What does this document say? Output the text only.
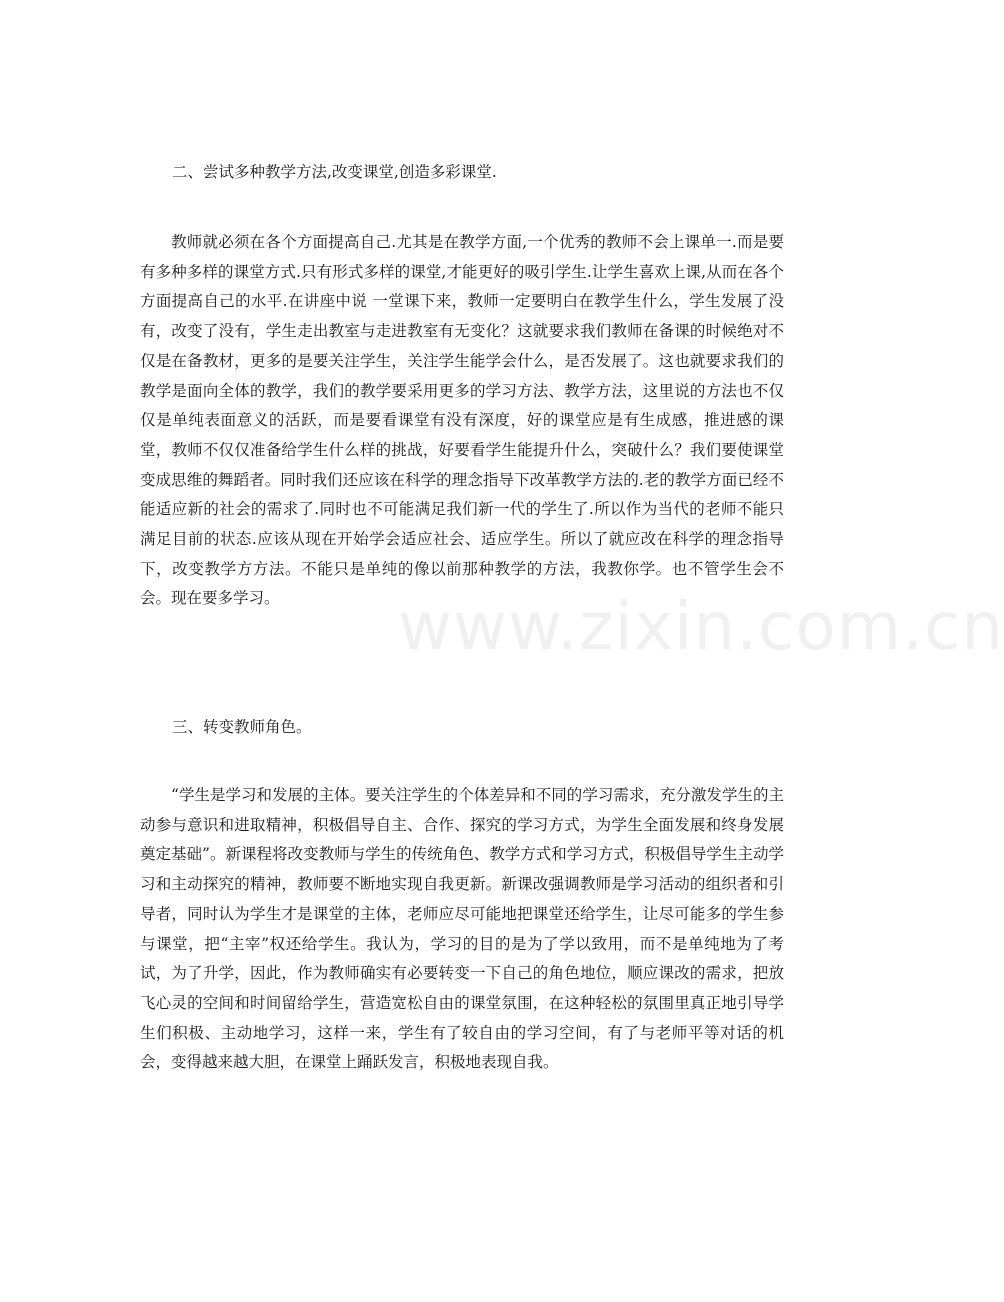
二、尝试多种教学方法,改变课堂,创造多彩课堂.
教师就必须在各个方面提高自己.尤其是在教学方面,一个优秀的教师不会上课单一.而是要有多种多样的课堂方式.只有形式多样的课堂,才能更好的吸引学生.让学生喜欢上课,从而在各个方面提高自己的水平.在讲座中说 一堂课下来，教师一定要明白在教学生什么，学生发展了没有，改变了没有，学生走出教室与走进教室有无变化？这就要求我们教师在备课的时候绝对不仅是在备教材，更多的是要关注学生，关注学生能学会什么，是否发展了。这也就要求我们的教学是面向全体的教学，我们的教学要采用更多的学习方法、教学方法，这里说的方法也不仅仅是单纯表面意义的活跃，而是要看课堂有没有深度，好的课堂应是有生成感，推进感的课堂，教师不仅仅准备给学生什么样的挑战，好要看学生能提升什么，突破什么？我们要使课堂变成思维的舞蹈者。同时我们还应该在科学的理念指导下改革教学方法的.老的教学方面已经不能适应新的社会的需求了.同时也不可能满足我们新一代的学生了.所以作为当代的老师不能只满足目前的状态.应该从现在开始学会适应社会、适应学生。所以了就应改在科学的理念指导下，改变教学方方法。不能只是单纯的像以前那种教学的方法，我教你学。也不管学生会不会。现在要多学习。
三、转变教师角色。
“学生是学习和发展的主体。要关注学生的个体差异和不同的学习需求，充分激发学生的主动参与意识和进取精神，积极倡导自主、合作、探究的学习方式，为学生全面发展和终身发展奠定基础”。新课程将改变教师与学生的传统角色、教学方式和学习方式，积极倡导学生主动学习和主动探究的精神，教师要不断地实现自我更新。新课改强调教师是学习活动的组织者和引导者，同时认为学生才是课堂的主体，老师应尽可能地把课堂还给学生，让尽可能多的学生参与课堂，把“主宰”权还给学生。我认为，学习的目的是为了学以致用，而不是单纯地为了考试，为了升学，因此，作为教师确实有必要转变一下自己的角色地位，顺应课改的需求，把放飞心灵的空间和时间留给学生，营造宽松自由的课堂氛围，在这种轻松的氛围里真正地引导学生们积极、主动地学习，这样一来，学生有了较自由的学习空间，有了与老师平等对话的机会，变得越来越大胆，在课堂上踊跃发言，积极地表现自我。
www.zixin.com.cn
